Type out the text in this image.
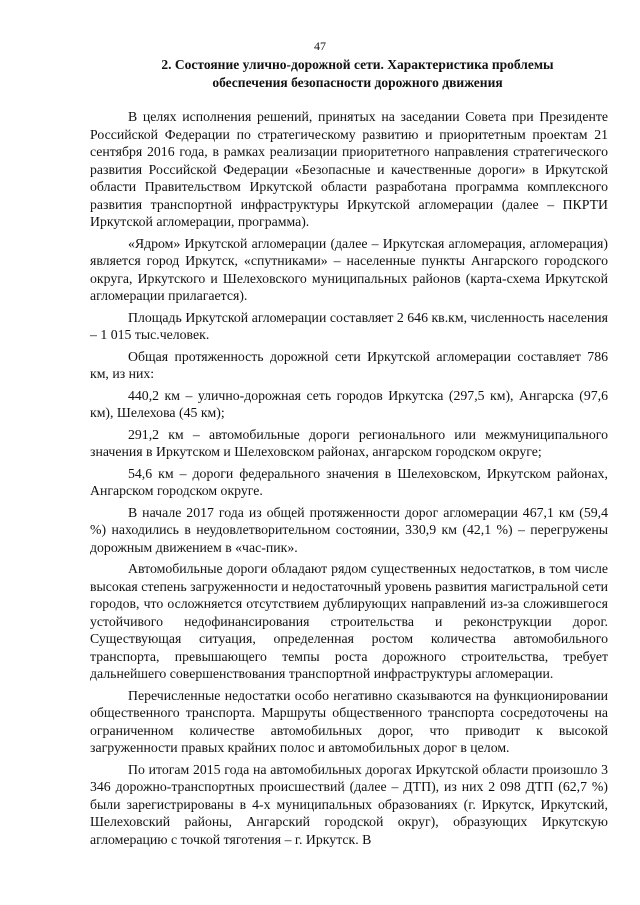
47
2. Состояние улично-дорожной сети. Характеристика проблемы
обеспечения безопасности дорожного движения

В целях исполнения решений, принятых на заседании Совета при Президенте Российской Федерации по стратегическому развитию и приоритетным проектам 21 сентября 2016 года, в рамках реализации приоритетного направления стратегического развития Российской Федерации «Безопасные и качественные дороги» в Иркутской области Правительством Иркутской области разработана программа комплексного развития транспортной инфраструктуры Иркутской агломерации (далее – ПКРТИ Иркутской агломерации, программа).

«Ядром» Иркутской агломерации (далее – Иркутская агломерация, агломерация) является город Иркутск, «спутниками» – населенные пункты Ангарского городского округа, Иркутского и Шелеховского муниципальных районов (карта-схема Иркутской агломерации прилагается).

Площадь Иркутской агломерации составляет 2 646 кв.км, численность населения – 1 015 тыс.человек.

Общая протяженность дорожной сети Иркутской агломерации составляет 786 км, из них:

440,2 км – улично-дорожная сеть городов Иркутска (297,5 км), Ангарска (97,6 км), Шелехова (45 км);

291,2 км – автомобильные дороги регионального или межмуниципального значения в Иркутском и Шелеховском районах, ангарском городском округе;

54,6 км – дороги федерального значения в Шелеховском, Иркутском районах, Ангарском городском округе.

В начале 2017 года из общей протяженности дорог агломерации 467,1 км (59,4 %) находились в неудовлетворительном состоянии, 330,9 км (42,1 %) – перегружены дорожным движением в «час-пик».

Автомобильные дороги обладают рядом существенных недостатков, в том числе высокая степень загруженности и недостаточный уровень развития магистральной сети городов, что осложняется отсутствием дублирующих направлений из-за сложившегося устойчивого недофинансирования строительства и реконструкции дорог. Существующая ситуация, определенная ростом количества автомобильного транспорта, превышающего темпы роста дорожного строительства, требует дальнейшего совершенствования транспортной инфраструктуры агломерации.

Перечисленные недостатки особо негативно сказываются на функционировании общественного транспорта. Маршруты общественного транспорта сосредоточены на ограниченном количестве автомобильных дорог, что приводит к высокой загруженности правых крайних полос и автомобильных дорог в целом.

По итогам 2015 года на автомобильных дорогах Иркутской области произошло 3 346 дорожно-транспортных происшествий (далее – ДТП), из них 2 098 ДТП (62,7 %) были зарегистрированы в 4-х муниципальных образованиях (г. Иркутск, Иркутский, Шелеховский районы, Ангарский городской округ), образующих Иркутскую агломерацию с точкой тяготения – г. Иркутск. В
